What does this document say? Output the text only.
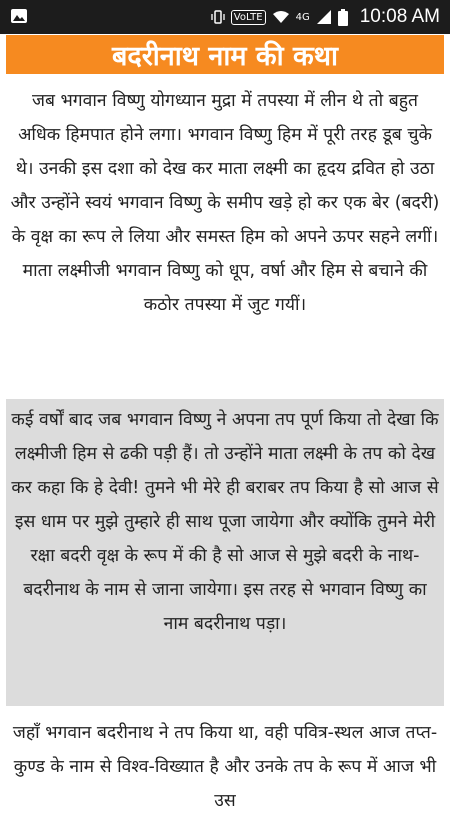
VoLTE	4G	10:08 AM
बदरीनाथ नाम की कथा
जब भगवान विष्णु योगध्यान मुद्रा में तपस्या में लीन थे तो बहुत अधिक हिमपात होने लगा। भगवान विष्णु हिम में पूरी तरह डूब चुके थे। उनकी इस दशा को देख कर माता लक्ष्मी का हृदय द्रवित हो उठा और उन्होंने स्वयं भगवान विष्णु के समीप खड़े हो कर एक बेर (बदरी) के वृक्ष का रूप ले लिया और समस्त हिम को अपने ऊपर सहने लगीं। माता लक्ष्मीजी भगवान विष्णु को धूप, वर्षा और हिम से बचाने की कठोर तपस्या में जुट गयीं।
कई वर्षों बाद जब भगवान विष्णु ने अपना तप पूर्ण किया तो देखा कि लक्ष्मीजी हिम से ढकी पड़ी हैं। तो उन्होंने माता लक्ष्मी के तप को देख कर कहा कि हे देवी! तुमने भी मेरे ही बराबर तप किया है सो आज से इस धाम पर मुझे तुम्हारे ही साथ पूजा जायेगा और क्योंकि तुमने मेरी रक्षा बदरी वृक्ष के रूप में की है सो आज से मुझे बदरी के नाथ-बदरीनाथ के नाम से जाना जायेगा। इस तरह से भगवान विष्णु का नाम बदरीनाथ पड़ा।
जहाँ भगवान बदरीनाथ ने तप किया था, वही पवित्र-स्थल आज तप्त-कुण्ड के नाम से विश्व-विख्यात है और उनके तप के रूप में आज भी उस
